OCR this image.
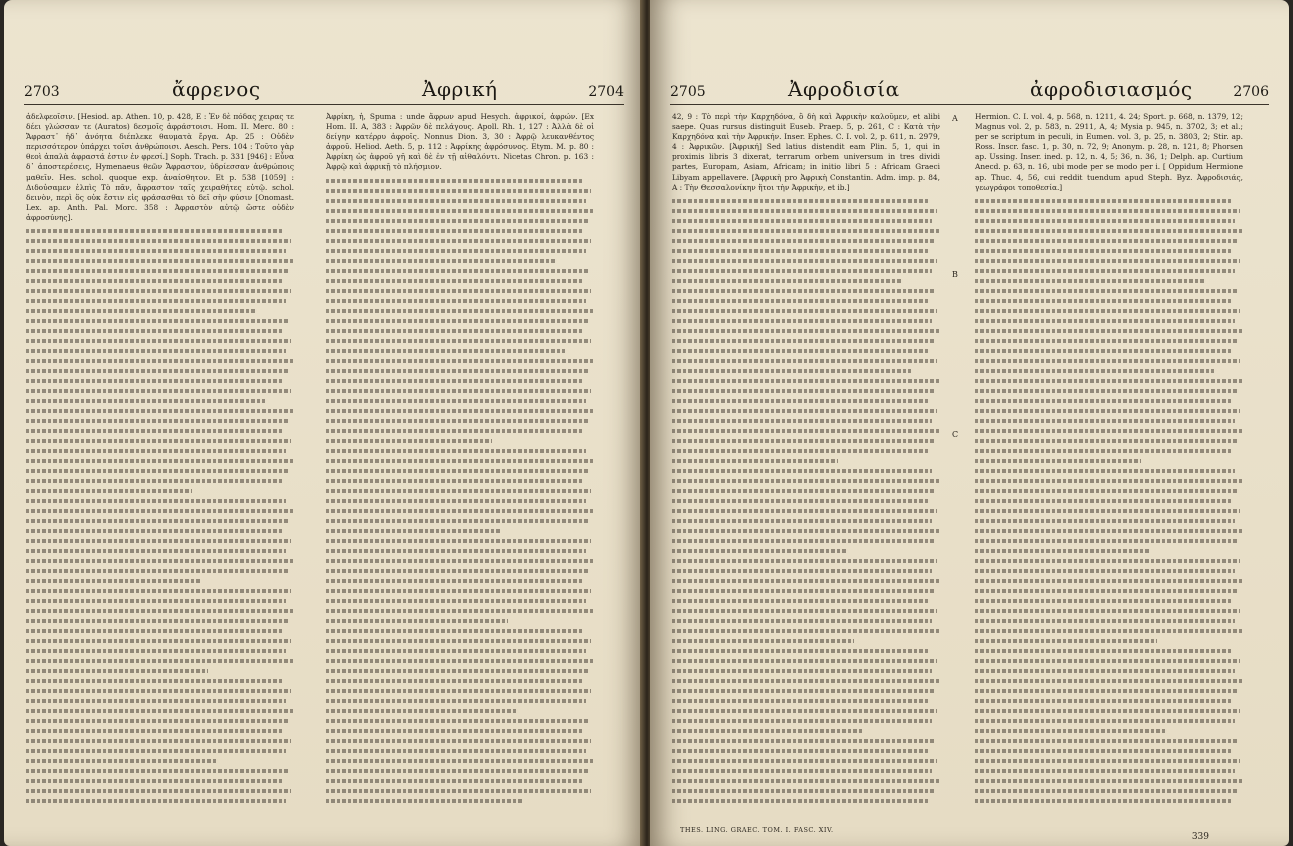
2703	ἄφρενος	Ἀφρική	2704
ἀδελφεοῖσιν. [Hesiod. ap. Athen. 10, p. 428, E : Ἐν δὲ πόδας χειρας τε δέει γλώσσαν τε (Auratos) δεσμοῖς ἀφράστοισι. Hom. II. Merc. 80 : Ἄφραστ᾽ ἠδ᾽ ἀνόητα διέπλεκε θαυματὰ ἔργα. Ap. 25 : Οὐδὲν περισσότερον ὑπάρχει τοῖσι ἀνθρώποισι. Aesch. Pers. 104 : Τοῦτο γὰρ θεοὶ ἀπαλὰ ἀφραστά ἐστιν ἐν φρεσί.] Soph. Trach. p. 331 [946] : Εὖνα δ᾽ ἀποστερέσεις, Hymenaeus θεῶν Ἄφραστον, ὑδρίεσσαν ἀνθρώποις μαθεῖν. Hes. schol. quoque exp. ἀναίσθητον. Et p. 538 [1059] : Διδοὐσαμεν ἐλπὶς Τὸ πᾶν, ἄφραστον ταῖς χειραθήτες εὐτῷ. schol. δεινὸν, περὶ ὅς οὐκ ἔστιν εἰς φράσασθαι τὸ δεῖ σὴν φύσιν [Onomast. Lex. ap. Anth. Pal. Morc. 358 : Ἀφραστὸν αὐτῷ ὥστε οὐδὲν ἀφροσύνης].
Ἀφρίκη, ἡ, Spuma : unde ἄφρων apud Hesych. ἀφρικοί, ἀφρών. [Ex Hom. II. A, 383 : Ἀφρῶν δὲ πελάγους. Apoll. Rh. 1, 127 : Ἀλλὰ δὲ οἱ δείγην κατέρρυ ἀφροῖς. Nonnus Dion. 3, 30 : Ἀφρῷ λευκανθέντος ἀφροῦ. Heliod. Aeth. 5, p. 112 : Ἀφρίκης ἀφρόσυνος. Etym. M. p. 80 : Ἀφρίκη ὡς ἀφροῦ γῆ καὶ δὲ ἐν τῇ αἰθαλόντι. Nicetas Chron. p. 163 : Ἀφρῷ καὶ ἀφρικῇ τὸ πλήσμιον.
2705	Ἀφροδισία	ἀφροδισιασμός	2706
42, 9 : Τὸ περὶ τὴν Καρχηδόνα, ὃ δὴ καὶ Ἀφρικὴν καλοῦμεν, et alibi saepe. Quas rursus distinguit Euseb. Praep. 5, p. 261, C : Κατὰ τὴν Καρχηδόνα καὶ τὴν Ἀφρικήν. Inser. Ephes. C. I. vol. 2, p. 611, n. 2979, 4 : Ἀφρικῶν. [Ἀφρική] Sed latius distendit eam Plin. 5, 1, qui in proximis libris 3 dixerat, terrarum orbem universum in tres dividi partes, Europam, Asiam, Africam; in initio libri 5 : Africam Graeci Libyam appellavere. [Ἀφρικὴ pro Ἀφρικὴ Constantin. Adm. imp. p. 84, A : Τὴν Θεσσαλονίκην ἥτοι τὴν Ἀφρικὴν, et ib.]
A
B
C
Hermion. C. I. vol. 4, p. 568, n. 1211, 4. 24; Sport. p. 668, n. 1379, 12; Magnus vol. 2, p. 583, n. 2911, A, 4; Mysia p. 945, n. 3702, 3; et al.; per se scriptum in peculi, in Eumen. vol. 3, p. 25, n. 3803, 2; Stir. ap. Ross. Inscr. fasc. 1, p. 30, n. 72, 9; Anonym. p. 28, n. 121, 8; Phorsen ap. Ussing. Inser. ined. p. 12, n. 4, 5; 36, n. 36, 1; Delph. ap. Curtium Anecd. p. 63, n. 16, ubi mode per se modo per i. [ Oppidum Hermione ap. Thuc. 4, 56, cui reddit tuendum apud Steph. Byz. Ἀφροδισιάς, γεωγράφοι τοποθεσία.]
THES. LING. GRAEC. TOM. I. FASC. XIV.
339
